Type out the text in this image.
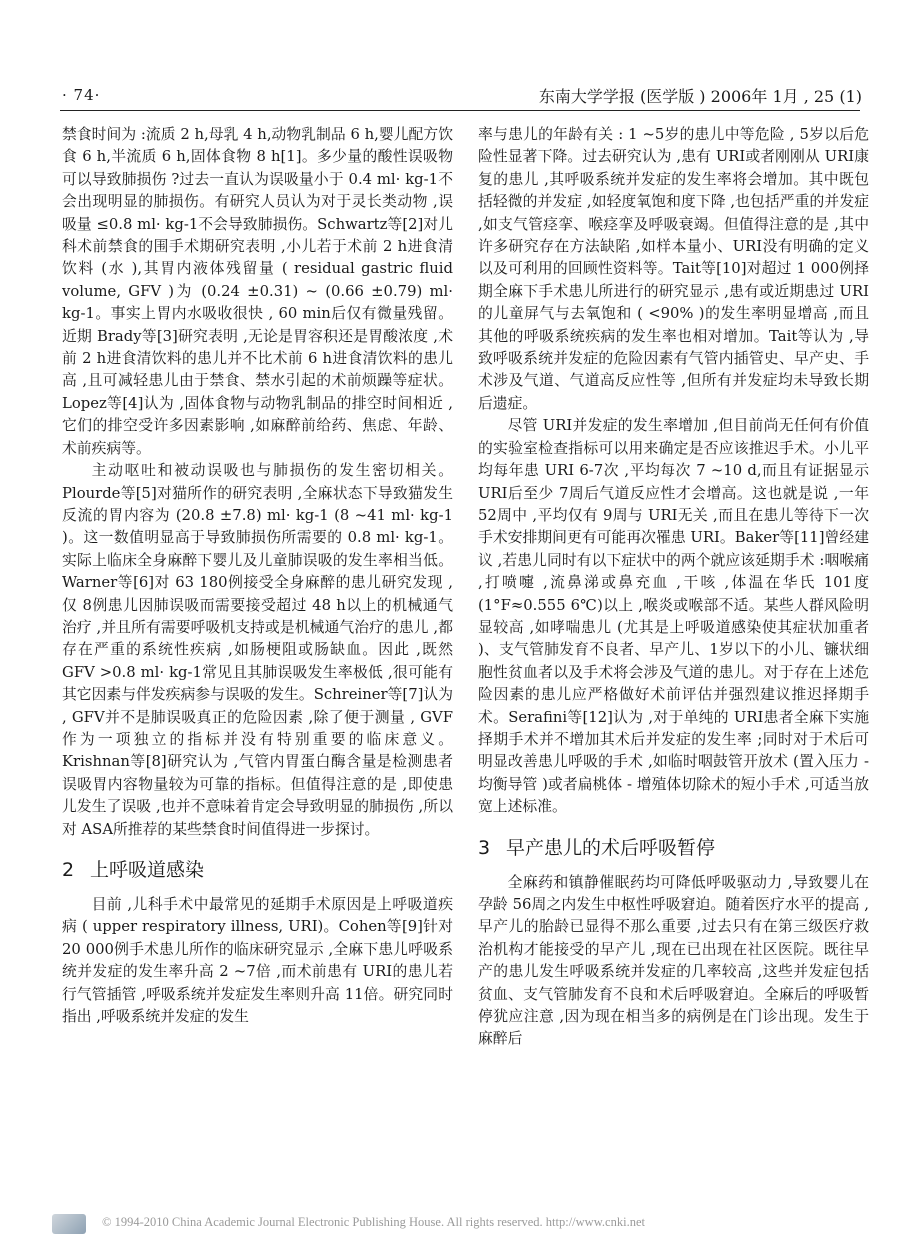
· 74·	东南大学学报 (医学版 ) 2006年 1月 , 25 (1)

禁食时间为 :流质 2 h,母乳 4 h,动物乳制品 6 h,婴儿配方饮食 6 h,半流质 6 h,固体食物 8 h[1]。多少量的酸性误吸物可以导致肺损伤 ?过去一直认为误吸量小于 0.4 ml· kg-1不会出现明显的肺损伤。有研究人员认为对于灵长类动物 ,误吸量 ≤0.8 ml· kg-1不会导致肺损伤。Schwartz等[2]对儿科术前禁食的围手术期研究表明 ,小儿若于术前 2 h进食清饮料 (水 ),其胃内液体残留量 ( residual gastric fluid volume, GFV )为 (0.24 ±0.31) ~ (0.66 ±0.79) ml· kg-1。事实上胃内水吸收很快 , 60 min后仅有微量残留。近期 Brady等[3]研究表明 ,无论是胃容积还是胃酸浓度 ,术前 2 h进食清饮料的患儿并不比术前 6 h进食清饮料的患儿高 ,且可减轻患儿由于禁食、禁水引起的术前烦躁等症状。Lopez等[4]认为 ,固体食物与动物乳制品的排空时间相近 ,它们的排空受许多因素影响 ,如麻醉前给药、焦虑、年龄、术前疾病等。

主动呕吐和被动误吸也与肺损伤的发生密切相关。Plourde等[5]对猫所作的研究表明 ,全麻状态下导致猫发生反流的胃内容为 (20.8 ±7.8) ml· kg-1 (8 ~41 ml· kg-1 )。这一数值明显高于导致肺损伤所需要的 0.8 ml· kg-1。实际上临床全身麻醉下婴儿及儿童肺误吸的发生率相当低。Warner等[6]对 63 180例接受全身麻醉的患儿研究发现 ,仅 8例患儿因肺误吸而需要接受超过 48 h以上的机械通气治疗 ,并且所有需要呼吸机支持或是机械通气治疗的患儿 ,都存在严重的系统性疾病 ,如肠梗阻或肠缺血。因此 ,既然 GFV >0.8 ml· kg-1常见且其肺误吸发生率极低 ,很可能有其它因素与伴发疾病参与误吸的发生。Schreiner等[7]认为 , GFV并不是肺误吸真正的危险因素 ,除了便于测量 , GVF作为一项独立的指标并没有特别重要的临床意义。Krishnan等[8]研究认为 ,气管内胃蛋白酶含量是检测患者误吸胃内容物量较为可靠的指标。但值得注意的是 ,即使患儿发生了误吸 ,也并不意味着肯定会导致明显的肺损伤 ,所以对 ASA所推荐的某些禁食时间值得进一步探讨。

2 上呼吸道感染

目前 ,儿科手术中最常见的延期手术原因是上呼吸道疾病 ( upper respiratory illness, URI)。Cohen等[9]针对 20 000例手术患儿所作的临床研究显示 ,全麻下患儿呼吸系统并发症的发生率升高 2 ~7倍 ,而术前患有 URI的患儿若行气管插管 ,呼吸系统并发症发生率则升高 11倍。研究同时指出 ,呼吸系统并发症的发生

率与患儿的年龄有关 : 1 ~5岁的患儿中等危险 , 5岁以后危险性显著下降。过去研究认为 ,患有 URI或者刚刚从 URI康复的患儿 ,其呼吸系统并发症的发生率将会增加。其中既包括轻微的并发症 ,如轻度氧饱和度下降 ,也包括严重的并发症 ,如支气管痉挛、喉痉挛及呼吸衰竭。但值得注意的是 ,其中许多研究存在方法缺陷 ,如样本量小、URI没有明确的定义以及可利用的回顾性资料等。Tait等[10]对超过 1 000例择期全麻下手术患儿所进行的研究显示 ,患有或近期患过 URI的儿童屏气与去氧饱和 ( <90% )的发生率明显增高 ,而且其他的呼吸系统疾病的发生率也相对增加。Tait等认为 ,导致呼吸系统并发症的危险因素有气管内插管史、早产史、手术涉及气道、气道高反应性等 ,但所有并发症均未导致长期后遗症。

尽管 URI并发症的发生率增加 ,但目前尚无任何有价值的实验室检查指标可以用来确定是否应该推迟手术。小儿平均每年患 URI 6-7次 ,平均每次 7 ~10 d,而且有证据显示 URI后至少 7周后气道反应性才会增高。这也就是说 ,一年 52周中 ,平均仅有 9周与 URI无关 ,而且在患儿等待下一次手术安排期间更有可能再次罹患 URI。Baker等[11]曾经建议 ,若患儿同时有以下症状中的两个就应该延期手术 :咽喉痛 ,打喷嚏 ,流鼻涕或鼻充血 ,干咳 ,体温在华氏 101度 (1°F≈0.555 6℃)以上 ,喉炎或喉部不适。某些人群风险明显较高 ,如哮喘患儿 (尤其是上呼吸道感染使其症状加重者 )、支气管肺发育不良者、早产儿、1岁以下的小儿、镰状细胞性贫血者以及手术将会涉及气道的患儿。对于存在上述危险因素的患儿应严格做好术前评估并强烈建议推迟择期手术。Serafini等[12]认为 ,对于单纯的 URI患者全麻下实施择期手术并不增加其术后并发症的发生率 ;同时对于术后可明显改善患儿呼吸的手术 ,如临时咽鼓管开放术 (置入压力 - 均衡导管 )或者扁桃体 - 增殖体切除术的短小手术 ,可适当放宽上述标准。

3 早产患儿的术后呼吸暂停

全麻药和镇静催眠药均可降低呼吸驱动力 ,导致婴儿在孕龄 56周之内发生中枢性呼吸窘迫。随着医疗水平的提高 ,早产儿的胎龄已显得不那么重要 ,过去只有在第三级医疗救治机构才能接受的早产儿 ,现在已出现在社区医院。既往早产的患儿发生呼吸系统并发症的几率较高 ,这些并发症包括贫血、支气管肺发育不良和术后呼吸窘迫。全麻后的呼吸暂停犹应注意 ,因为现在相当多的病例是在门诊出现。发生于麻醉后

© 1994-2010 China Academic Journal Electronic Publishing House. All rights reserved. http://www.cnki.net
